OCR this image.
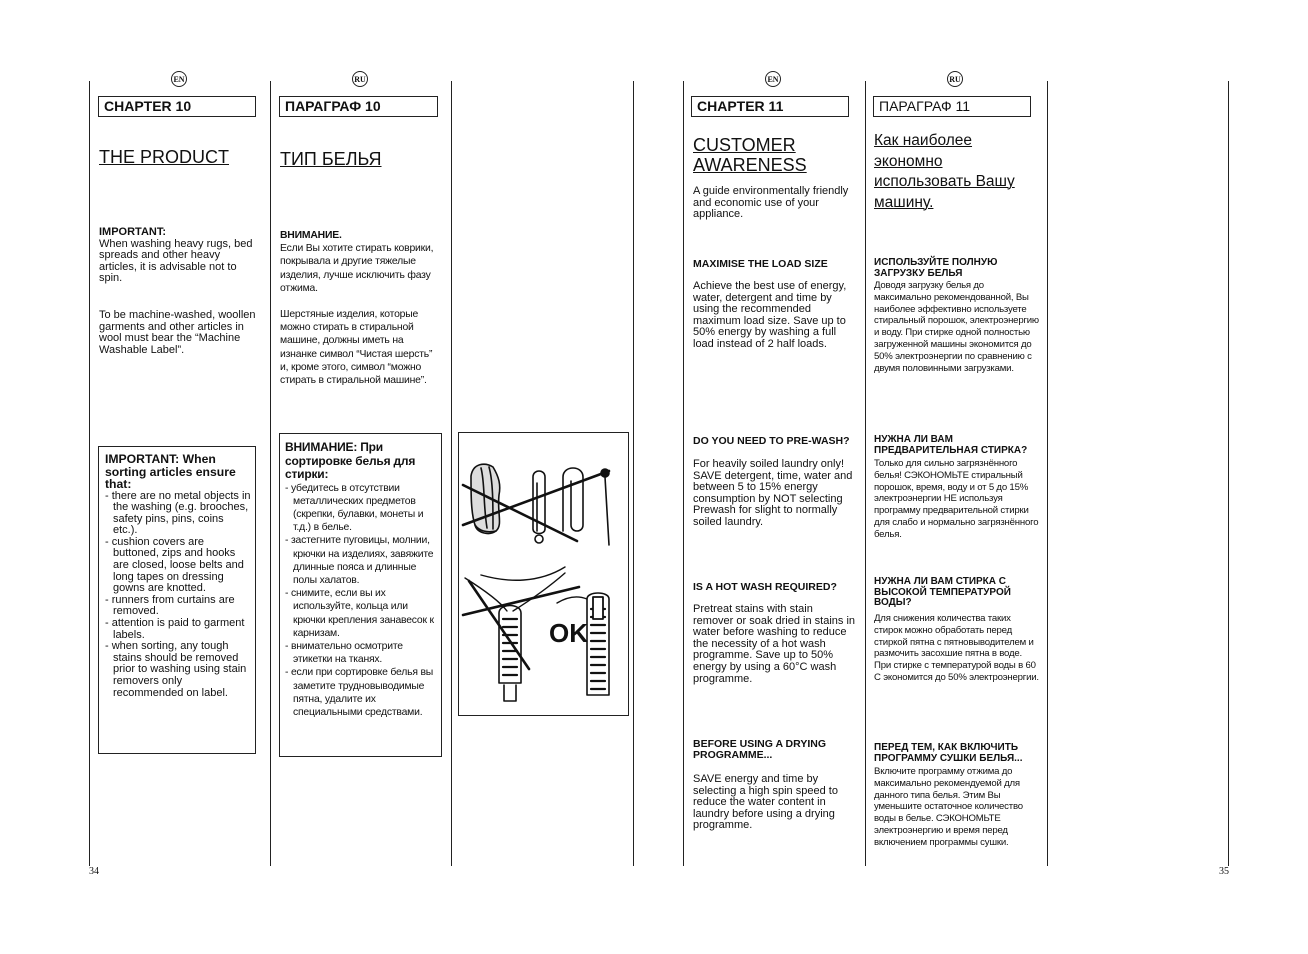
EN	RU	EN	RU
CHAPTER 10
THE PRODUCT
IMPORTANT:
When washing heavy rugs, bed spreads and other heavy articles, it is advisable not to spin.
To be machine-washed, woollen garments and other articles in wool must bear the “Machine Washable Label”.
IMPORTANT: When sorting articles ensure that:
- there are no metal objects in the washing (e.g. brooches, safety pins, pins, coins etc.).
- cushion covers are buttoned, zips and hooks are closed, loose belts and long tapes on dressing gowns are knotted.
- runners from curtains are removed.
- attention is paid to garment labels.
- when sorting, any tough stains should be removed prior to washing using stain removers only recommended on label.
ПАРАГРАФ 10
ТИП БЕЛЬЯ
ВНИМАНИЕ.
Если Вы хотите стирать коврики, покрывала и другие тяжелые изделия, лучше исключить фазу отжима.
Шерстяные изделия, которые можно стирать в стиральной машине, должны иметь на изнанке символ “Чистая шерсть” и, кроме этого, символ “можно стирать в стиральной машине”.
ВНИМАНИЕ: При сортировке белья для стирки:
- убедитесь в отсутствии металлических предметов (скрепки, булавки, монеты и т.д.) в белье.
- застегните пуговицы, молнии, крючки на изделиях, завяжите длинные пояса и длинные полы халатов.
- снимите, если вы их используйте, кольца или крючки крепления занавесок к карнизам.
- внимательно осмотрите этикетки на тканях.
- если при сортировке белья вы заметите трудновыводимые пятна, удалите их специальными средствами.
OK
34
CHAPTER 11
CUSTOMER AWARENESS
A guide environmentally friendly and economic use of your appliance.
MAXIMISE THE LOAD SIZE
Achieve the best use of energy, water, detergent and time by using the recommended maximum load size. Save up to 50% energy by washing a full load instead of 2 half loads.
DO YOU NEED TO PRE-WASH?
For heavily soiled laundry only! SAVE detergent, time, water and between 5 to 15% energy consumption by NOT selecting Prewash for slight to normally soiled laundry.
IS A HOT WASH REQUIRED?
Pretreat stains with stain remover or soak dried in stains in water before washing to reduce the necessity of a hot wash programme. Save up to 50% energy by using a 60°C wash programme.
BEFORE USING A DRYING PROGRAMME...
SAVE energy and time by selecting a high spin speed to reduce the water content in laundry before using a drying programme.
ПАРАГРАФ 11
Как наиболее экономно использовать Вашу машину.
ИСПОЛЬЗУЙТЕ ПОЛНУЮ ЗАГРУЗКУ БЕЛЬЯ
Доводя загрузку белья до максимально рекомендованной, Вы наиболее эффективно используете стиральный порошок, электроэнергию и воду. При стирке одной полностью загруженной машины экономится до 50% электроэнергии по сравнению с двумя половинными загрузками.
НУЖНА ЛИ ВАМ ПРЕДВАРИТЕЛЬНАЯ СТИРКА?
Только для сильно загрязнённого белья! СЭКОНОМЬТЕ стиральный порошок, время, воду и от 5 до 15% электроэнергии НЕ используя программу предварительной стирки для слабо и нормально загрязнённого белья.
НУЖНА ЛИ ВАМ СТИРКА С ВЫСОКОЙ ТЕМПЕРАТУРОЙ ВОДЫ?
Для снижения количества таких стирок можно обработать перед стиркой пятна с пятновыводителем и размочить засохшие пятна в воде. При стирке с температурой воды в 60 С экономится до 50% электроэнергии.
ПЕРЕД ТЕМ, КАК ВКЛЮЧИТЬ ПРОГРАММУ СУШКИ БЕЛЬЯ...
Включите программу отжима до максимально рекомендуемой для данного типа белья. Этим Вы уменьшите остаточное количество воды в белье. СЭКОНОМЬТЕ электроэнергию и время перед включением программы сушки.
35
